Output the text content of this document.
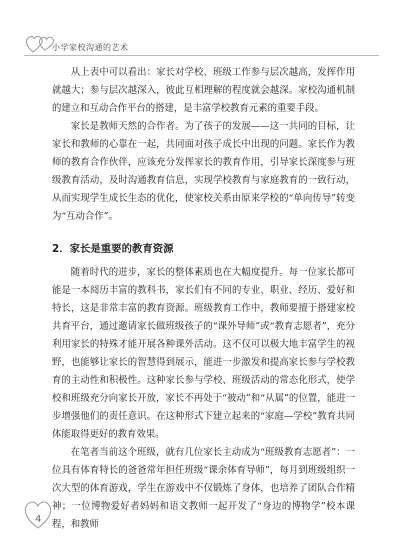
小学家校沟通的艺术

从上表中可以看出：家长对学校、班级工作参与层次越高，发挥作用就越大；参与层次越深入，彼此互相理解的程度就会越深。家校沟通机制的建立和互动合作平台的搭建，是丰富学校教育元素的重要手段。

家长是教师天然的合作者。为了孩子的发展——这一共同的目标，让家长和教师的心靠在一起，共同面对孩子成长中出现的问题。家长作为教师的教育合作伙伴，应该充分发挥家长的教育作用，引导家长深度参与班级教育活动，及时沟通教育信息，实现学校教育与家庭教育的一致行动，从而实现学生成长生态的优化，使家校关系由原来学校的“单向传导”转变为“互动合作”。

2．家长是重要的教育资源

随着时代的进步，家长的整体素质也在大幅度提升。每一位家长都可能是一本阅历丰富的教科书，家长们有不同的专业、职业、经历、爱好和特长，这是非常丰富的教育资源。班级教育工作中，教师要擅于搭建家校共育平台，通过邀请家长做班级孩子的“课外导师”或“教育志愿者”，充分利用家长的特殊才能开展各种课外活动。这不仅可以极大地丰富学生的视野，也能够让家长的智慧得到展示，能进一步激发和提高家长参与学校教育的主动性和积极性。这种家长参与学校、班级活动的常态化形式，使学校和班级充分向家长开放，家长不再处于“被动”和“从属”的位置，能进一步增强他们的责任意识。在这种形式下建立起来的“家庭—学校”教育共同体能取得更好的教育效果。

在笔者当前这个班级，就有几位家长主动成为“班级教育志愿者”：一位具有体育特长的爸爸常年担任班级“课余体育导师”，每月到班级组织一次大型的体育游戏，学生在游戏中不仅锻炼了身体，也培养了团队合作精神；一位博物爱好者妈妈和语文教师一起开发了“身边的博物学”校本课程，和教师

4
